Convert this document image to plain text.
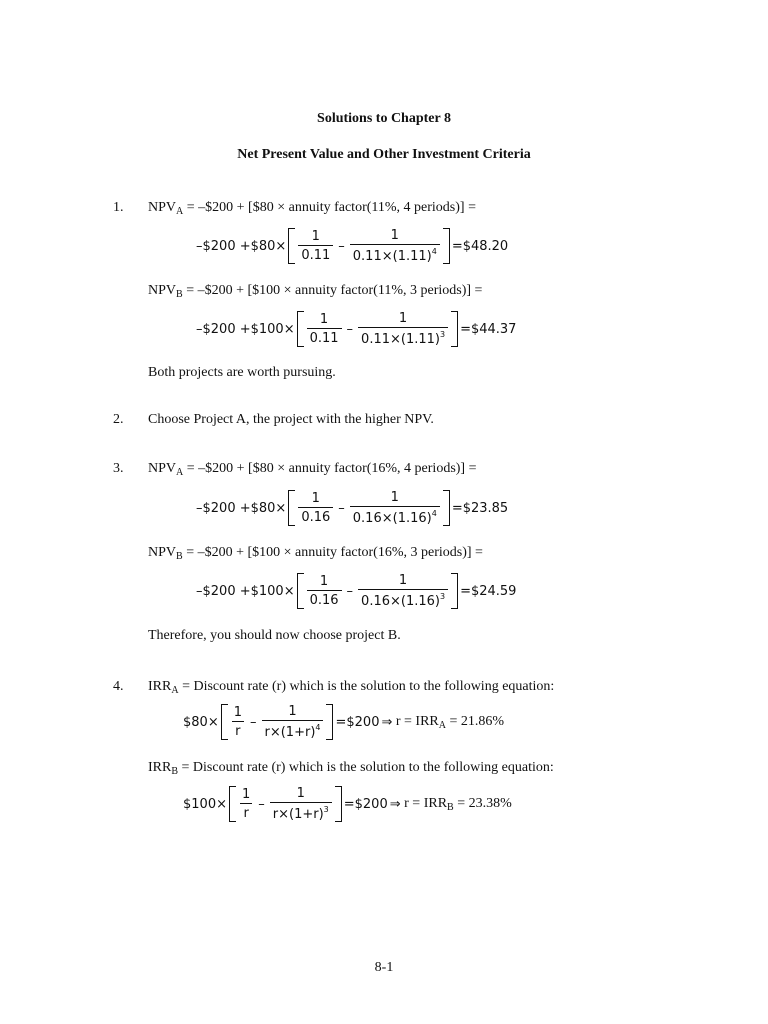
Solutions to Chapter 8
Net Present Value and Other Investment Criteria
1. $NPV_A$ = –$200 + [$80 × annuity factor(11%, 4 periods)] =
–$200 +$80× $\frac{1}{0.11} - \frac{1}{0.11\times(1.11)^4}$ =$48.20
$NPV_B$ = –$200 + [$100 × annuity factor(11%, 3 periods)] =
–$200 +$100× $\frac{1}{0.11} - \frac{1}{0.11\times(1.11)^3}$ =$44.37
Both projects are worth pursuing.
2. Choose Project A, the project with the higher NPV.
3. $NPV_A$ = –$200 + [$80 × annuity factor(16%, 4 periods)] =
–$200 +$80× $\frac{1}{0.16} - \frac{1}{0.16\times(1.16)^4}$ =$23.85
$NPV_B$ = –$200 + [$100 × annuity factor(16%, 3 periods)] =
–$200 +$100× $\frac{1}{0.16} - \frac{1}{0.16\times(1.16)^3}$ =$24.59
Therefore, you should now choose project B.
4. $IRR_A$ = Discount rate (r) which is the solution to the following equation:
$80× $\frac{1}{r} - \frac{1}{r\times(1+r)^4}$ =$200 ⇒ $r = IRR_A = 21.86\%$
$IRR_B$ = Discount rate (r) which is the solution to the following equation:
$100× $\frac{1}{r} - \frac{1}{r\times(1+r)^3}$ =$200 ⇒ $r = IRR_B = 23.38\%$
8-1
